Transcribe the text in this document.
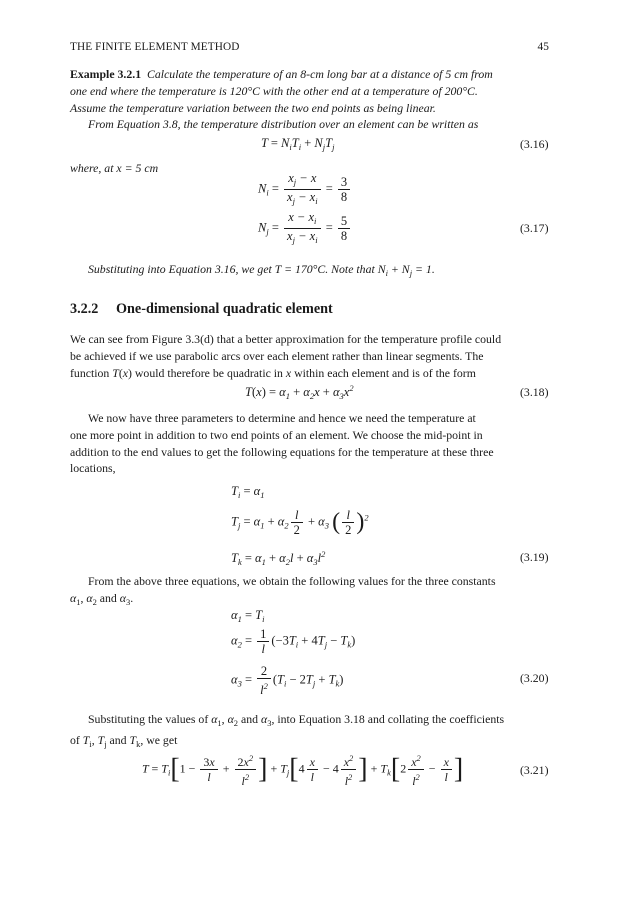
THE FINITE ELEMENT METHOD	45
Example 3.2.1 Calculate the temperature of an 8-cm long bar at a distance of 5 cm from
one end where the temperature is 120°C with the other end at a temperature of 200°C.
Assume the temperature variation between the two end points as being linear.
From Equation 3.8, the temperature distribution over an element can be written as
$T = N_iT_i + N_jT_j$	(3.16)
where, at x = 5 cm
$N_i = \frac{x_j - x}{x_j - x_i} = \frac{3}{8}$
$N_j = \frac{x - x_i}{x_j - x_i} = \frac{5}{8}$	(3.17)
Substituting into Equation 3.16, we get T = 170°C. Note that $N_i + N_j = 1$.
3.2.2 One-dimensional quadratic element
We can see from Figure 3.3(d) that a better approximation for the temperature profile could
be achieved if we use parabolic arcs over each element rather than linear segments. The
function T(x) would therefore be quadratic in x within each element and is of the form
$T(x) = \alpha_1 + \alpha_2x + \alpha_3x^2$	(3.18)
We now have three parameters to determine and hence we need the temperature at
one more point in addition to two end points of an element. We choose the mid-point in
addition to the end values to get the following equations for the temperature at these three
locations,
$T_i = \alpha_1$
$T_j = \alpha_1 + \alpha_2 \frac{l}{2} + \alpha_3$ ( $\frac{l}{2} )^2$
$T_k = \alpha_1 + \alpha_2l + \alpha_3l^2$	(3.19)
From the above three equations, we obtain the following values for the three constants
$\alpha_1$, $\alpha_2$ and $\alpha_3$.
$\alpha_1 = T_i$
$\alpha_2 = \frac{1}{l} (-3T_i + 4T_j - T_k)$
$\alpha_3 = \frac{2}{l^2} (T_i - 2T_j + T_k)$	(3.20)
Substituting the values of $\alpha_1$, $\alpha_2$ and $\alpha_3$, into Equation 3.18 and collating the coefficients
of $T_i$, $T_j$ and $T_k$, we get
$T = T_i[1 - \frac{3x}{l} + \frac{2x^2}{l^2}$ ] + $T_j[4 \frac{x}{l} - 4 \frac{x^2}{l^2}$ ] + $T_k[2 \frac{x^2}{l^2} - \frac{x}{l}$ ]	(3.21)
